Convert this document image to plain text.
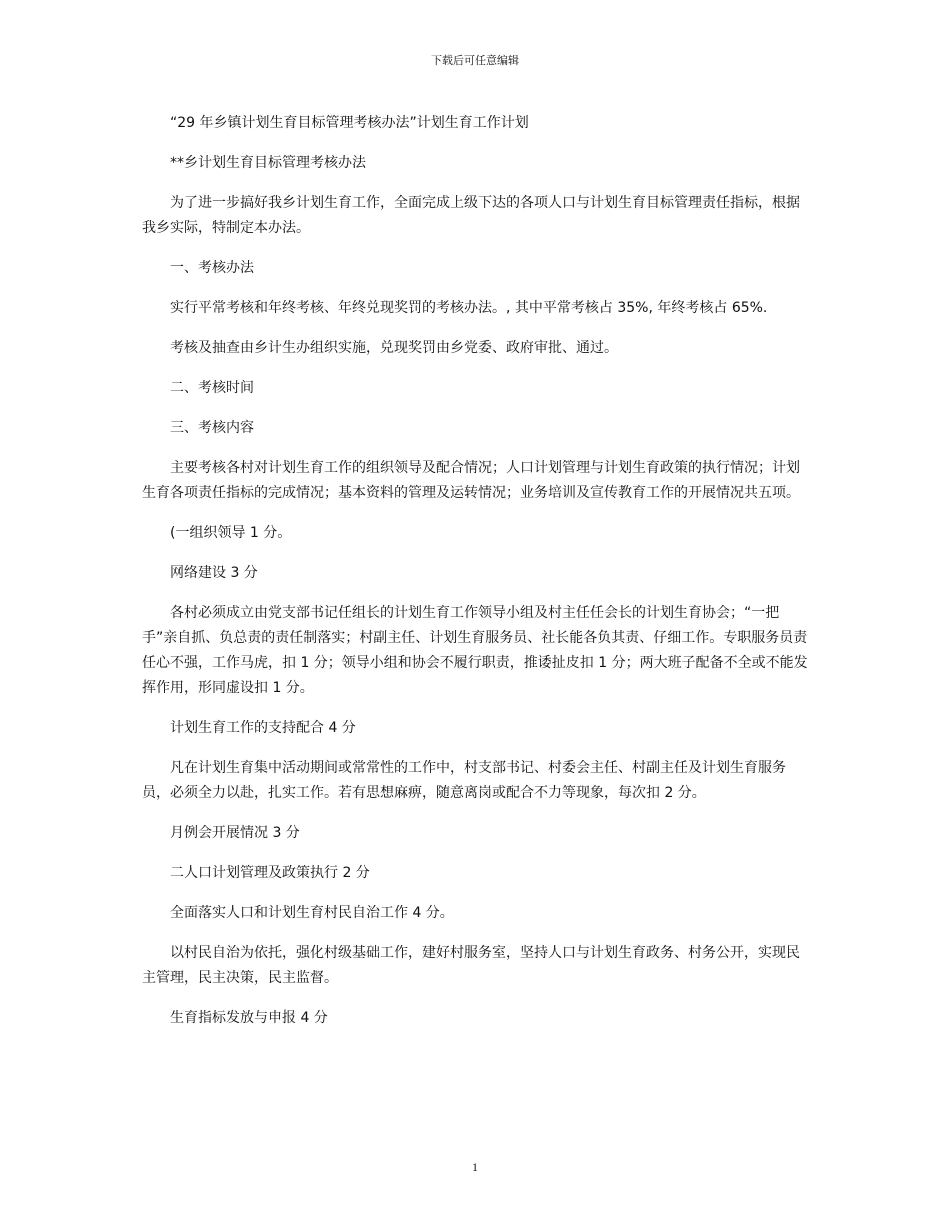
下载后可任意编辑

“29 年乡镇计划生育目标管理考核办法”计划生育工作计划

**乡计划生育目标管理考核办法

为了进一步搞好我乡计划生育工作，全面完成上级下达的各项人口与计划生育目标管理责任指标，根据我乡实际，特制定本办法。

一、考核办法

实行平常考核和年终考核、年终兑现奖罚的考核办法。, 其中平常考核占 35%, 年终考核占 65%.

考核及抽查由乡计生办组织实施，兑现奖罚由乡党委、政府审批、通过。

二、考核时间

三、考核内容

主要考核各村对计划生育工作的组织领导及配合情况；人口计划管理与计划生育政策的执行情况；计划生育各项责任指标的完成情况；基本资料的管理及运转情况；业务培训及宣传教育工作的开展情况共五项。

(一组织领导 1 分。

网络建设 3 分

各村必须成立由党支部书记任组长的计划生育工作领导小组及村主任任会长的计划生育协会；“一把手”亲自抓、负总责的责任制落实；村副主任、计划生育服务员、社长能各负其责、仔细工作。专职服务员责任心不强，工作马虎，扣 1 分；领导小组和协会不履行职责，推诿扯皮扣 1 分；两大班子配备不全或不能发挥作用，形同虚设扣 1 分。

计划生育工作的支持配合 4 分

凡在计划生育集中活动期间或常常性的工作中，村支部书记、村委会主任、村副主任及计划生育服务员，必须全力以赴，扎实工作。若有思想麻痹，随意离岗或配合不力等现象，每次扣 2 分。

月例会开展情况 3 分

二人口计划管理及政策执行 2 分

全面落实人口和计划生育村民自治工作 4 分。

以村民自治为依托，强化村级基础工作，建好村服务室，坚持人口与计划生育政务、村务公开，实现民主管理，民主决策，民主监督。

生育指标发放与申报 4 分

1
